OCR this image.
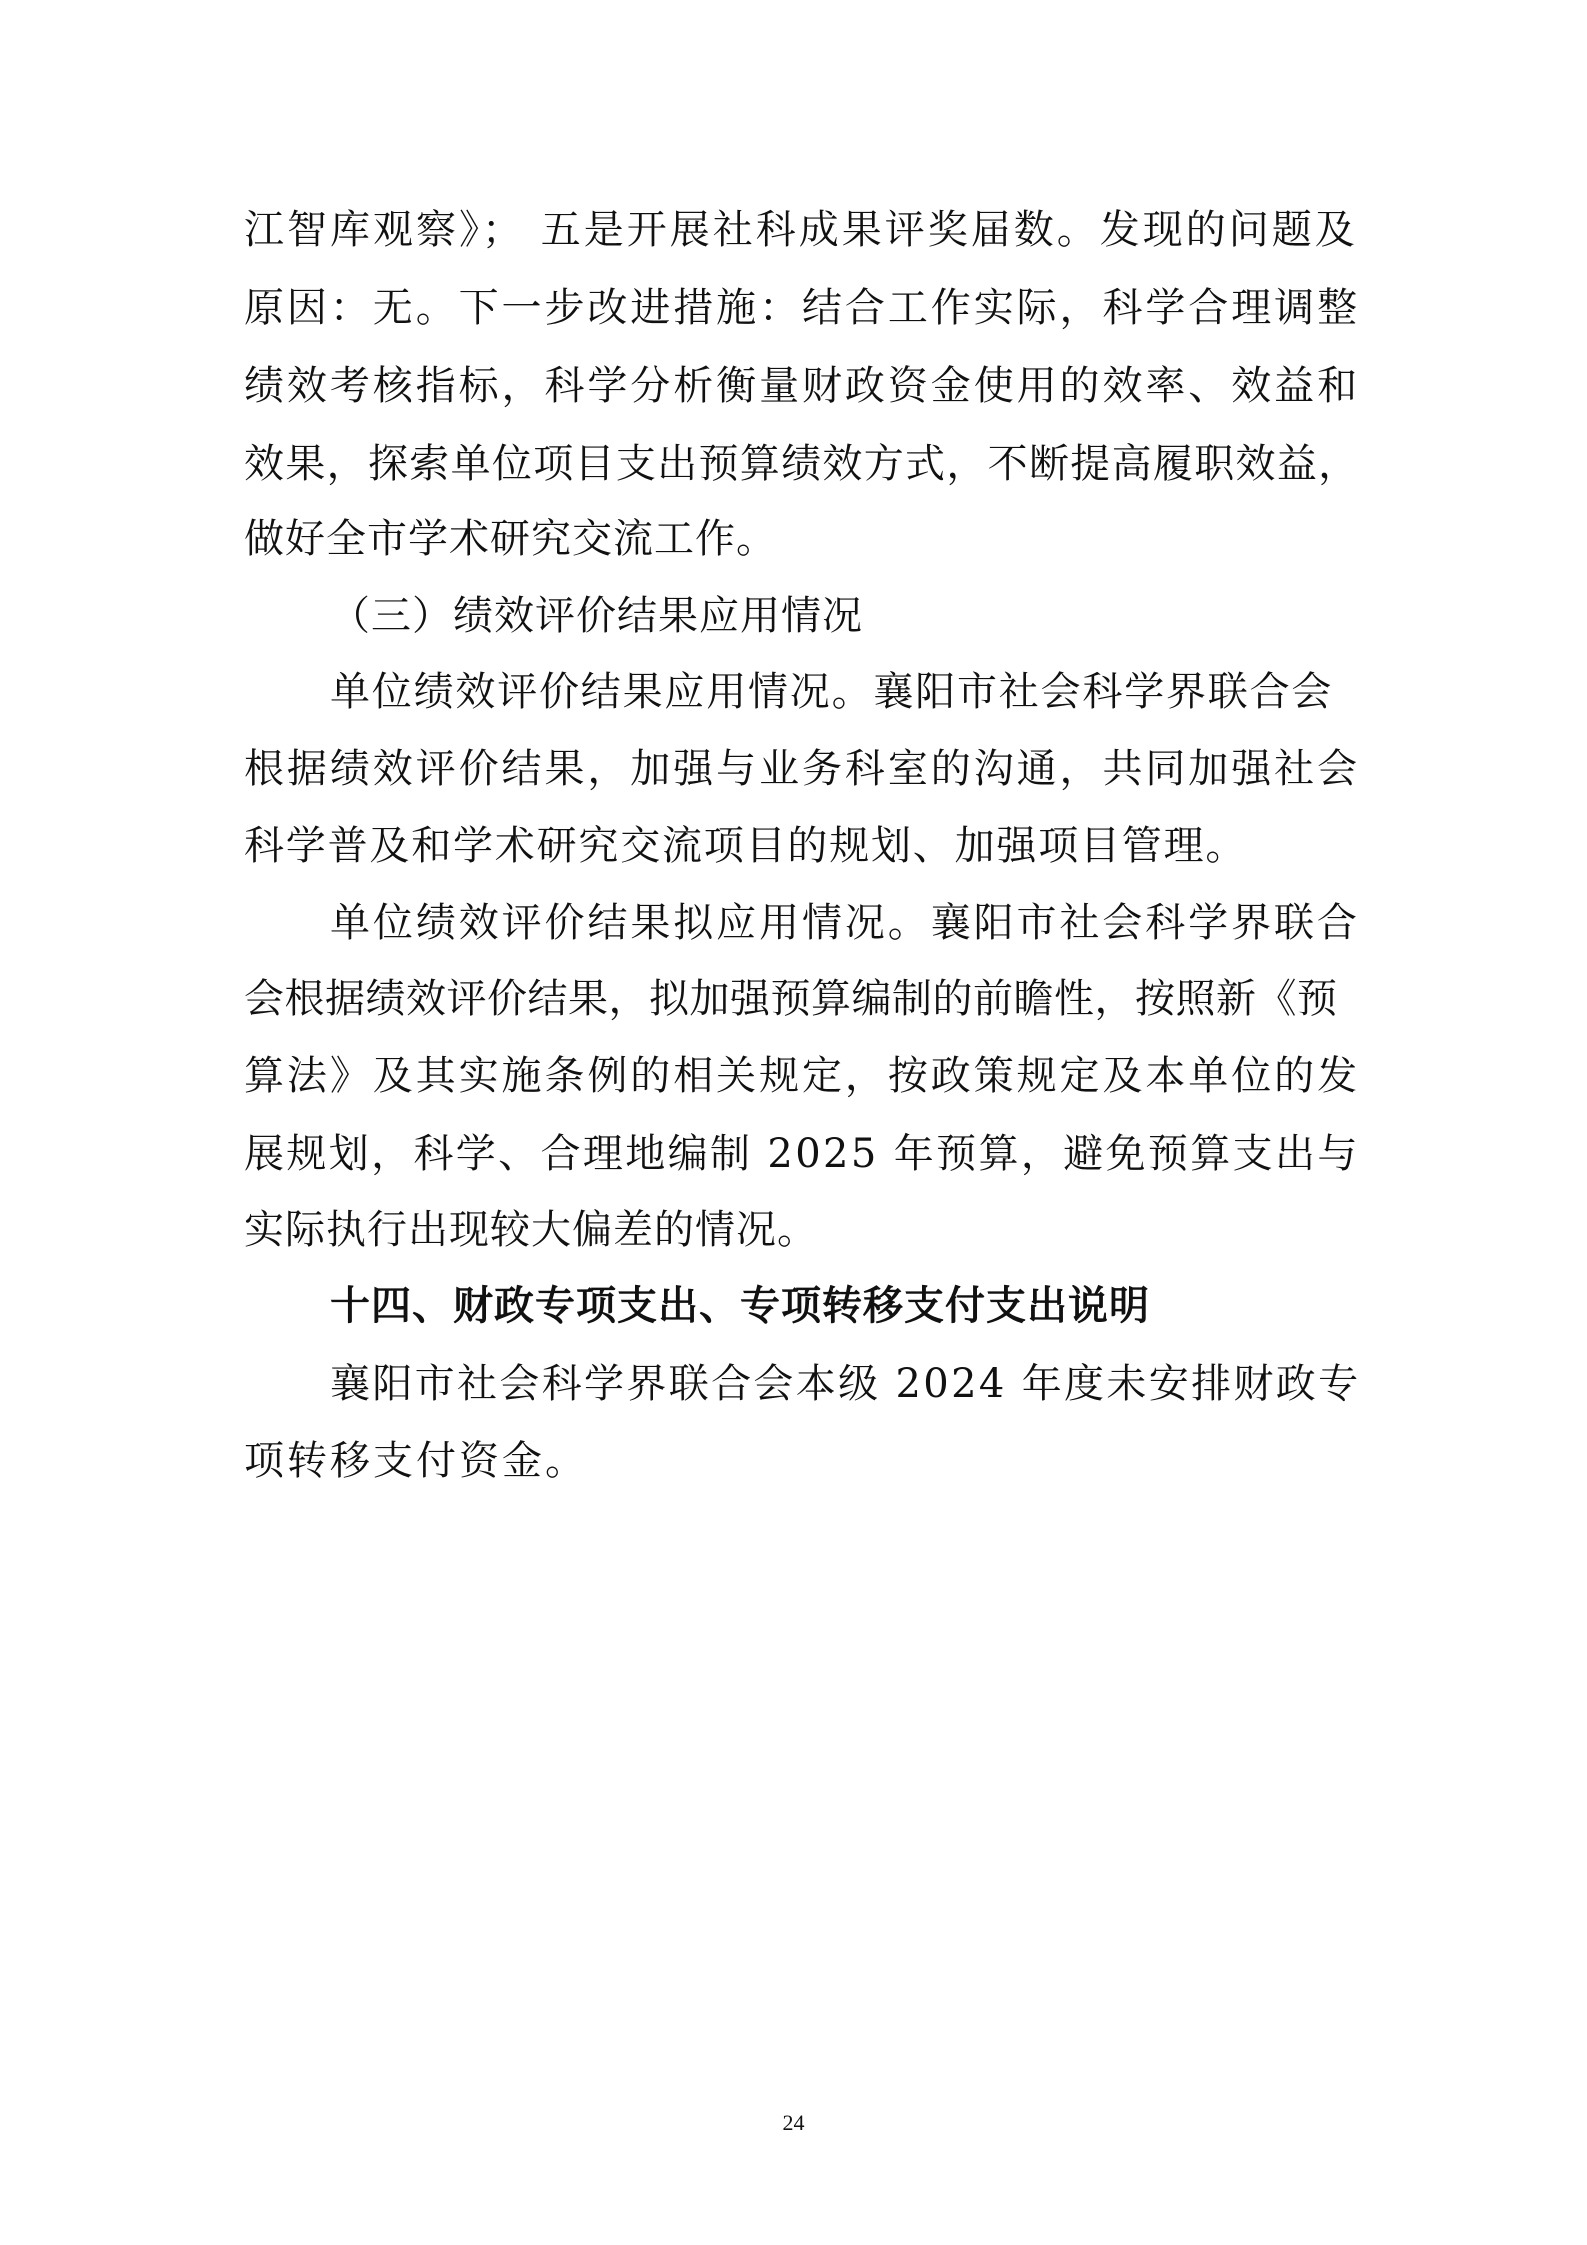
江智库观察》； 五是开展社科成果评奖届数。发现的问题及
原因：无。下一步改进措施：结合工作实际，科学合理调整
绩效考核指标，科学分析衡量财政资金使用的效率、效益和
效果，探索单位项目支出预算绩效方式，不断提高履职效益，
做好全市学术研究交流工作。
（三）绩效评价结果应用情况
单位绩效评价结果应用情况。襄阳市社会科学界联合会
根据绩效评价结果，加强与业务科室的沟通，共同加强社会
科学普及和学术研究交流项目的规划、加强项目管理。
单位绩效评价结果拟应用情况。襄阳市社会科学界联合
会根据绩效评价结果，拟加强预算编制的前瞻性，按照新《预
算法》及其实施条例的相关规定，按政策规定及本单位的发
展规划，科学、合理地编制 2025 年预算，避免预算支出与
实际执行出现较大偏差的情况。
十四、财政专项支出、专项转移支付支出说明
襄阳市社会科学界联合会本级 2024 年度未安排财政专
项转移支付资金。
24
